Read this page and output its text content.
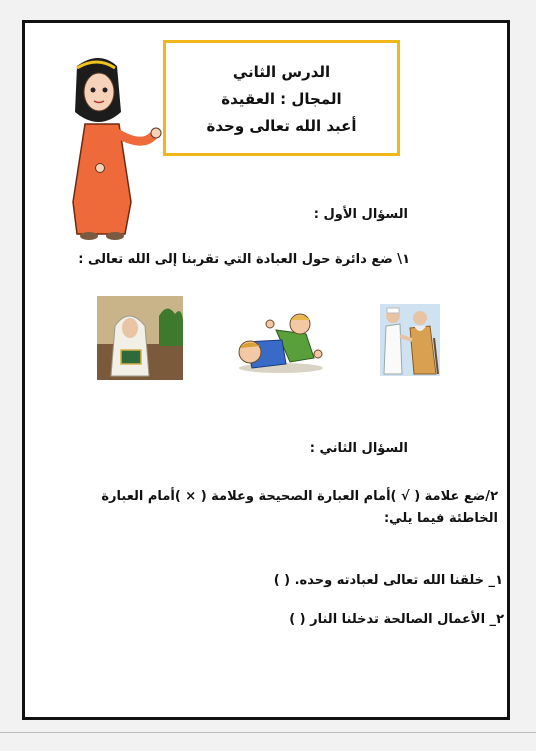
الدرس الثاني
المجال : العقيدة
أعبد الله تعالى وحدة
السؤال الأول :
١\ ضع دائرة حول العبادة التي تقربنا إلى الله تعالى :
السؤال الثاني :
٢/ضع علامة ( √ )أمام العبارة الصحيحة وعلامة ( × )أمام العبارة الخاطئة فيما يلي:
١_ خلقنا الله تعالى لعبادته وحده. ( )
٢_ الأعمال الصالحة تدخلنا النار ( )
